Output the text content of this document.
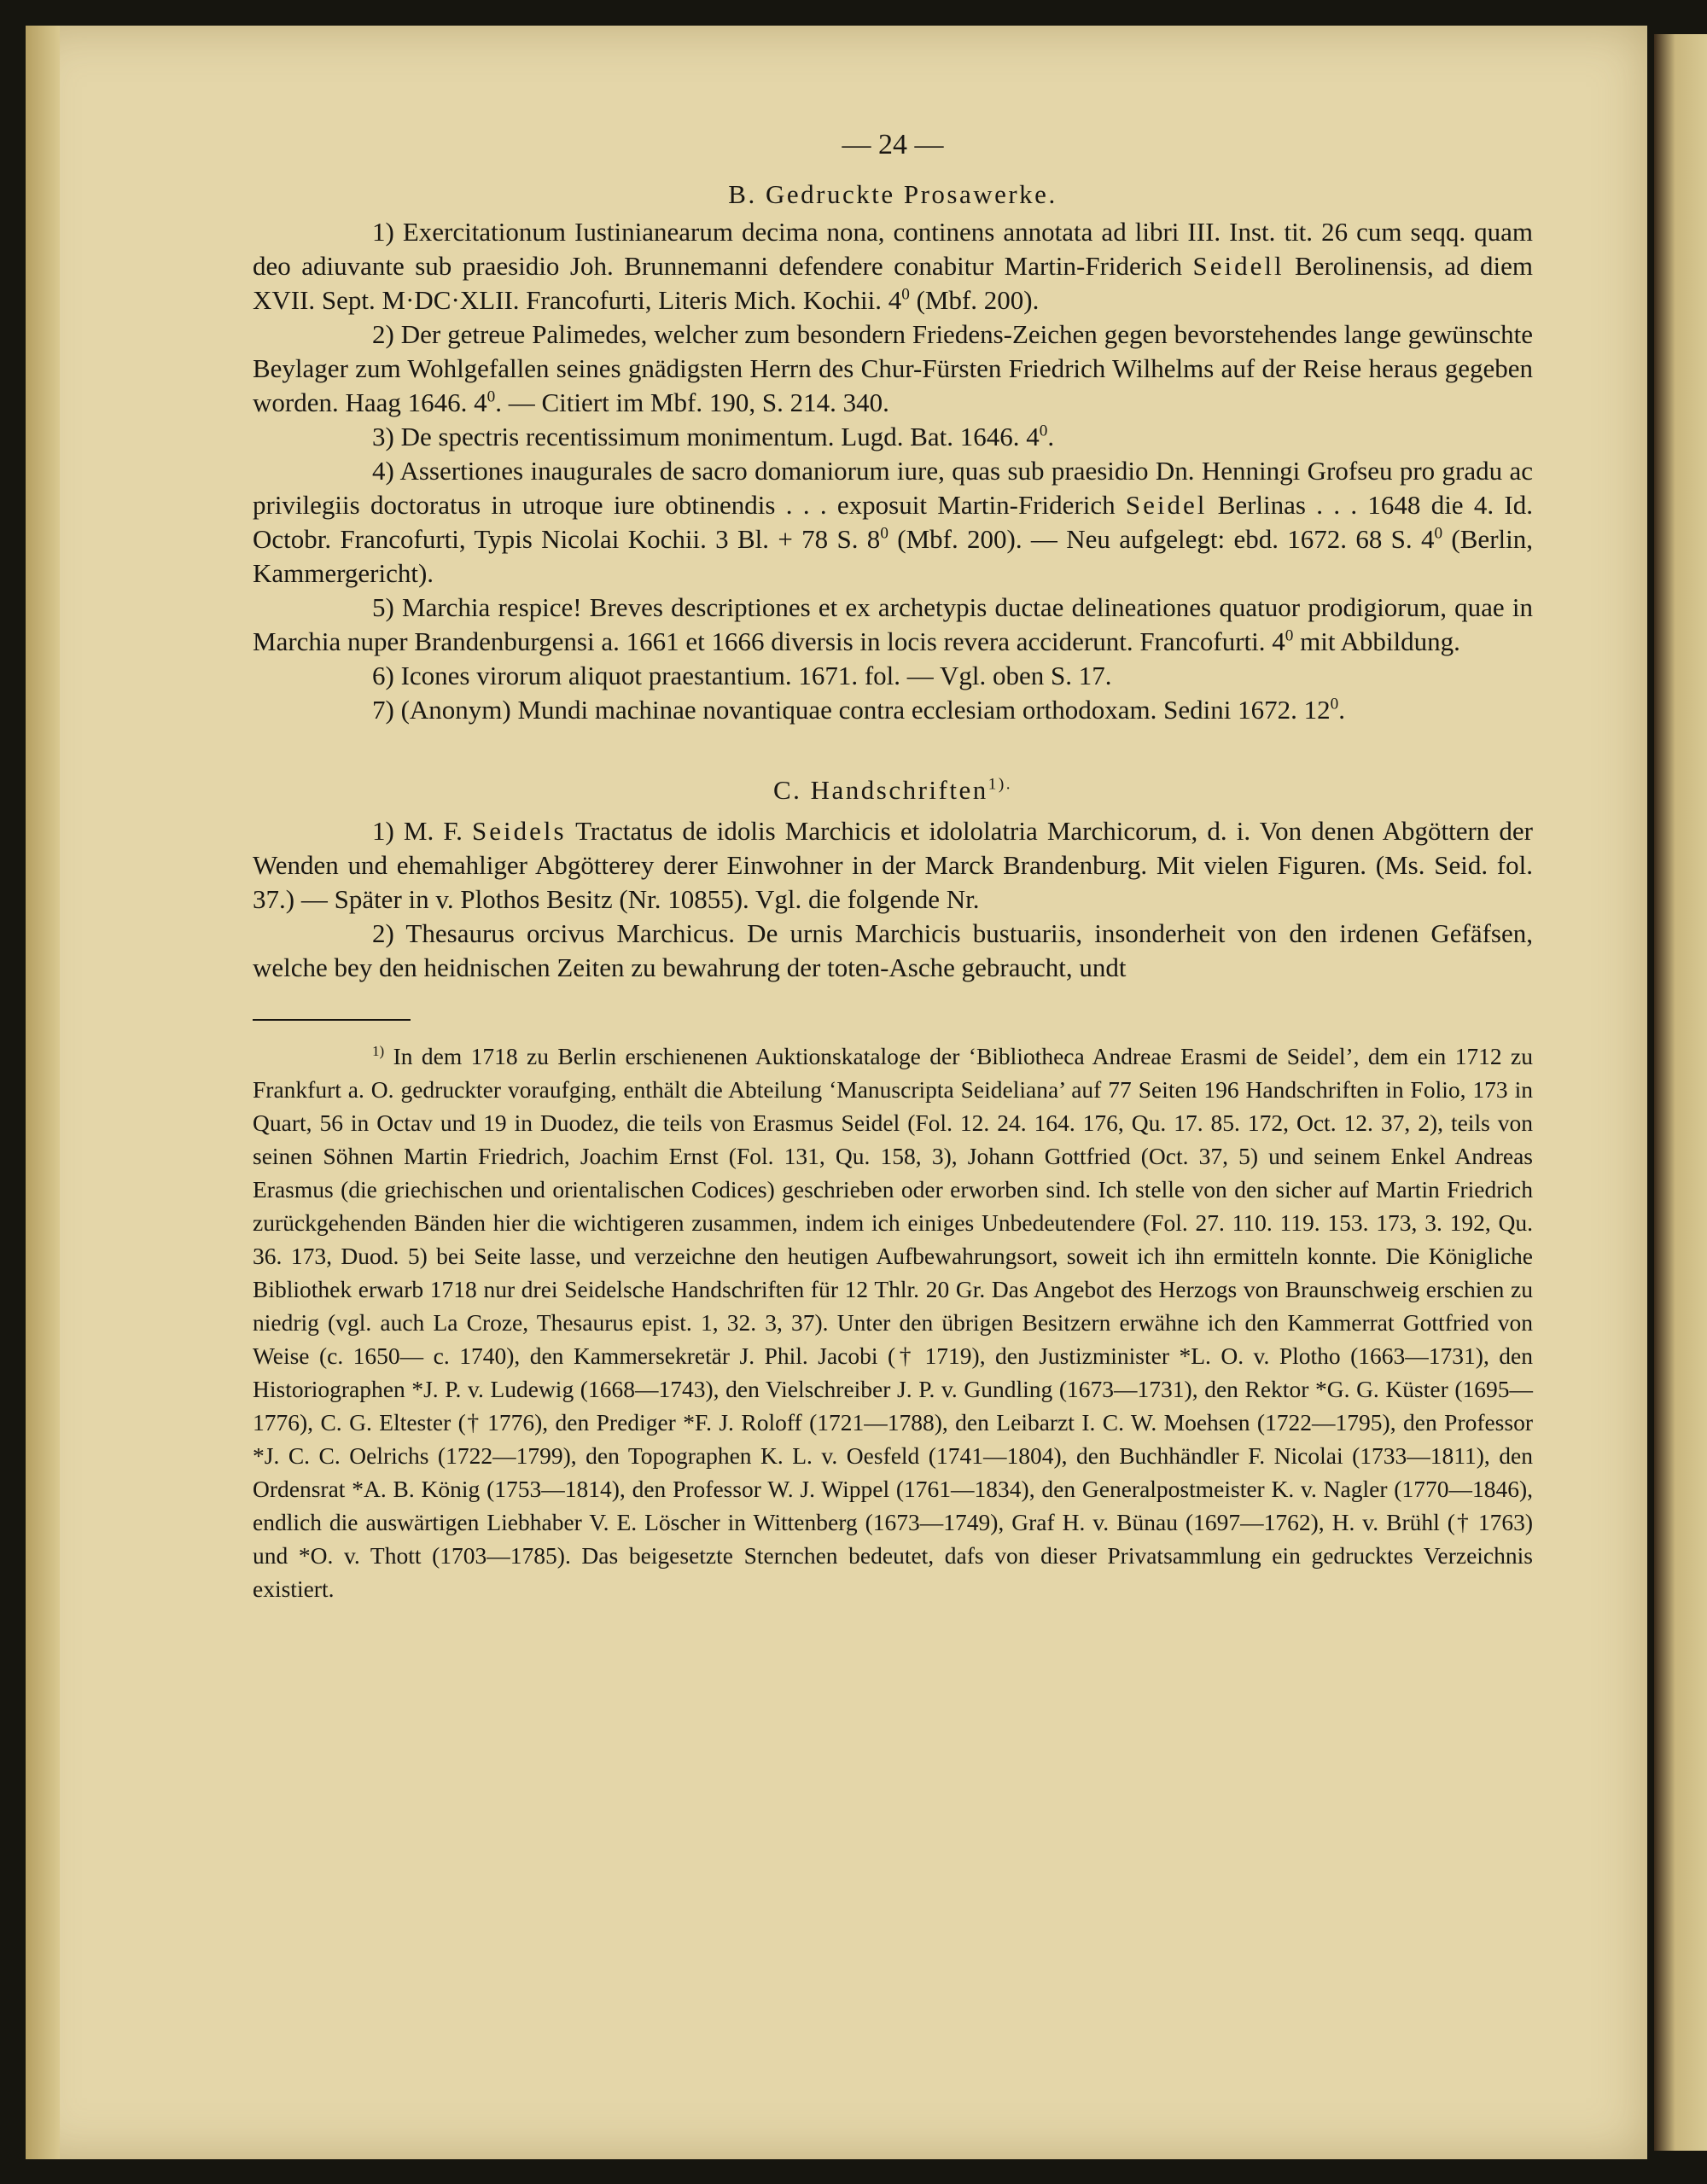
— 24 —
B. Gedruckte Prosawerke.

1) Exercitationum Iustinianearum decima nona, continens annotata ad libri III. Inst. tit. 26 cum seqq. quam deo adiuvante sub praesidio Joh. Brunnemanni defendere conabitur Martin-Friderich Seidell Berolinensis, ad diem XVII. Sept. M·DC·XLII. Francofurti, Literis Mich. Kochii. $4^0$ (Mbf. 200).

2) Der getreue Palimedes, welcher zum besondern Friedens-Zeichen gegen bevorstehendes lange gewünschte Beylager zum Wohlgefallen seines gnädigsten Herrn des Chur-Fürsten Friedrich Wilhelms auf der Reise heraus gegeben worden. Haag 1646. $4^0$. — Citiert im Mbf. 190, S. 214. 340.

3) De spectris recentissimum monimentum. Lugd. Bat. 1646. $4^0$.

4) Assertiones inaugurales de sacro domaniorum iure, quas sub praesidio Dn. Henningi Grofseu pro gradu ac privilegiis doctoratus in utroque iure obtinendis . . . exposuit Martin-Friderich Seidel Berlinas . . . 1648 die 4. Id. Octobr. Francofurti, Typis Nicolai Kochii. 3 Bl. + 78 S. $8^0$ (Mbf. 200). — Neu aufgelegt: ebd. 1672. 68 S. $4^0$ (Berlin, Kammergericht).

5) Marchia respice! Breves descriptiones et ex archetypis ductae delineationes quatuor prodigiorum, quae in Marchia nuper Brandenburgensi a. 1661 et 1666 diversis in locis revera acciderunt. Francofurti. $4^0$ mit Abbildung.

6) Icones virorum aliquot praestantium. 1671. fol. — Vgl. oben S. 17.

7) (Anonym) Mundi machinae novantiquae contra ecclesiam orthodoxam. Sedini 1672. $12^0$.

C. Handschriften$^{1).}$

1) M. F. Seidels Tractatus de idolis Marchicis et idololatria Marchicorum, d. i. Von denen Abgöttern der Wenden und ehemahliger Abgötterey derer Einwohner in der Marck Brandenburg. Mit vielen Figuren. (Ms. Seid. fol. 37.) — Später in v. Plothos Besitz (Nr. 10855). Vgl. die folgende Nr.

2) Thesaurus orcivus Marchicus. De urnis Marchicis bustuariis, insonderheit von den irdenen Gefäfsen, welche bey den heidnischen Zeiten zu bewahrung der toten-Asche gebraucht, undt

$^{1)}$ In dem 1718 zu Berlin erschienenen Auktionskataloge der ‘Bibliotheca Andreae Erasmi de Seidel’, dem ein 1712 zu Frankfurt a. O. gedruckter voraufging, enthält die Abteilung ‘Manuscripta Seideliana’ auf 77 Seiten 196 Handschriften in Folio, 173 in Quart, 56 in Octav und 19 in Duodez, die teils von Erasmus Seidel (Fol. 12. 24. 164. 176, Qu. 17. 85. 172, Oct. 12. 37, 2), teils von seinen Söhnen Martin Friedrich, Joachim Ernst (Fol. 131, Qu. 158, 3), Johann Gottfried (Oct. 37, 5) und seinem Enkel Andreas Erasmus (die griechischen und orientalischen Codices) geschrieben oder erworben sind. Ich stelle von den sicher auf Martin Friedrich zurückgehenden Bänden hier die wichtigeren zusammen, indem ich einiges Unbedeutendere (Fol. 27. 110. 119. 153. 173, 3. 192, Qu. 36. 173, Duod. 5) bei Seite lasse, und verzeichne den heutigen Aufbewahrungsort, soweit ich ihn ermitteln konnte. Die Königliche Bibliothek erwarb 1718 nur drei Seidelsche Handschriften für 12 Thlr. 20 Gr. Das Angebot des Herzogs von Braunschweig erschien zu niedrig (vgl. auch La Croze, Thesaurus epist. 1, 32. 3, 37). Unter den übrigen Besitzern erwähne ich den Kammerrat Gottfried von Weise (c. 1650— c. 1740), den Kammersekretär J. Phil. Jacobi († 1719), den Justizminister *L. O. v. Plotho (1663—1731), den Historiographen *J. P. v. Ludewig (1668—1743), den Vielschreiber J. P. v. Gundling (1673—1731), den Rektor *G. G. Küster (1695—1776), C. G. Eltester († 1776), den Prediger *F. J. Roloff (1721—1788), den Leibarzt I. C. W. Moehsen (1722—1795), den Professor *J. C. C. Oelrichs (1722—1799), den Topographen K. L. v. Oesfeld (1741—1804), den Buchhändler F. Nicolai (1733—1811), den Ordensrat *A. B. König (1753—1814), den Professor W. J. Wippel (1761—1834), den Generalpostmeister K. v. Nagler (1770—1846), endlich die auswärtigen Liebhaber V. E. Löscher in Wittenberg (1673—1749), Graf H. v. Bünau (1697—1762), H. v. Brühl († 1763) und *O. v. Thott (1703—1785). Das beigesetzte Sternchen bedeutet, dafs von dieser Privatsammlung ein gedrucktes Verzeichnis existiert.
